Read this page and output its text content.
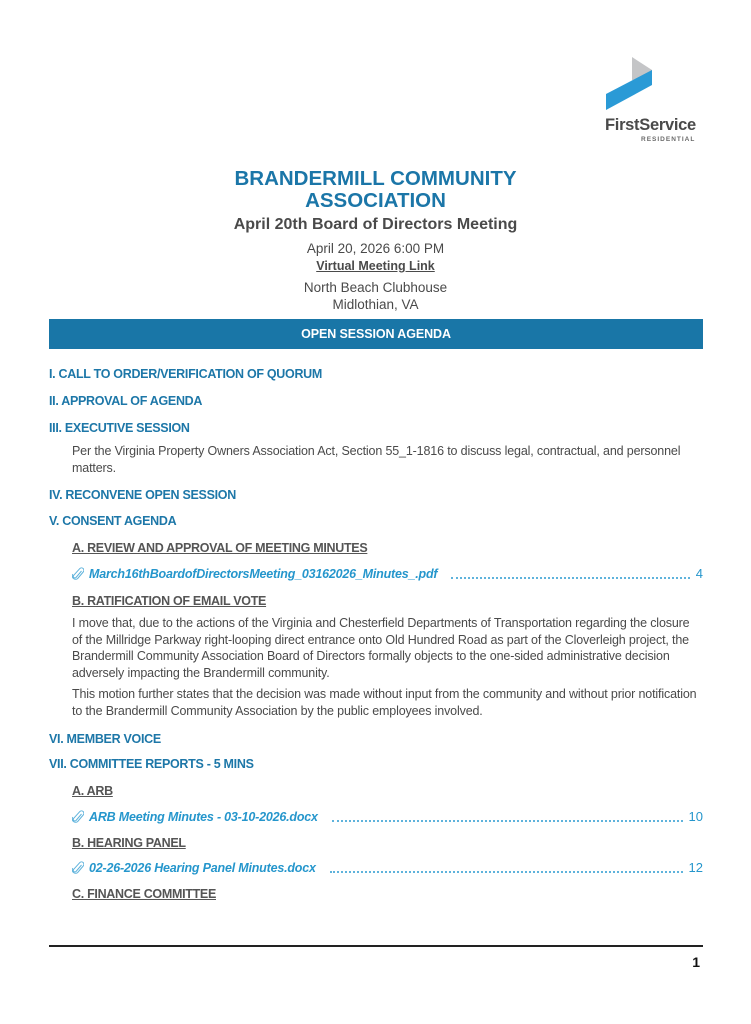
FirstService
RESIDENTIAL
BRANDERMILL COMMUNITY
ASSOCIATION
April 20th Board of Directors Meeting
April 20, 2026 6:00 PM
Virtual Meeting Link
North Beach Clubhouse
Midlothian, VA
OPEN SESSION AGENDA
I. CALL TO ORDER/VERIFICATION OF QUORUM
II. APPROVAL OF AGENDA
III. EXECUTIVE SESSION
Per the Virginia Property Owners Association Act, Section 55_1-1816 to discuss legal, contractual, and personnel matters.
IV. RECONVENE OPEN SESSION
V. CONSENT AGENDA
A. REVIEW AND APPROVAL OF MEETING MINUTES
March16thBoardofDirectorsMeeting_03162026_Minutes_.pdf	4
B. RATIFICATION OF EMAIL VOTE
I move that, due to the actions of the Virginia and Chesterfield Departments of Transportation regarding the closure of the Millridge Parkway right-looping direct entrance onto Old Hundred Road as part of the Cloverleigh project, the Brandermill Community Association Board of Directors formally objects to the one-sided administrative decision adversely impacting the Brandermill community.
This motion further states that the decision was made without input from the community and without prior notification to the Brandermill Community Association by the public employees involved.
VI. MEMBER VOICE
VII. COMMITTEE REPORTS - 5 MINS
A. ARB
ARB Meeting Minutes - 03-10-2026.docx	10
B. HEARING PANEL
02-26-2026 Hearing Panel Minutes.docx	12
C. FINANCE COMMITTEE
1
